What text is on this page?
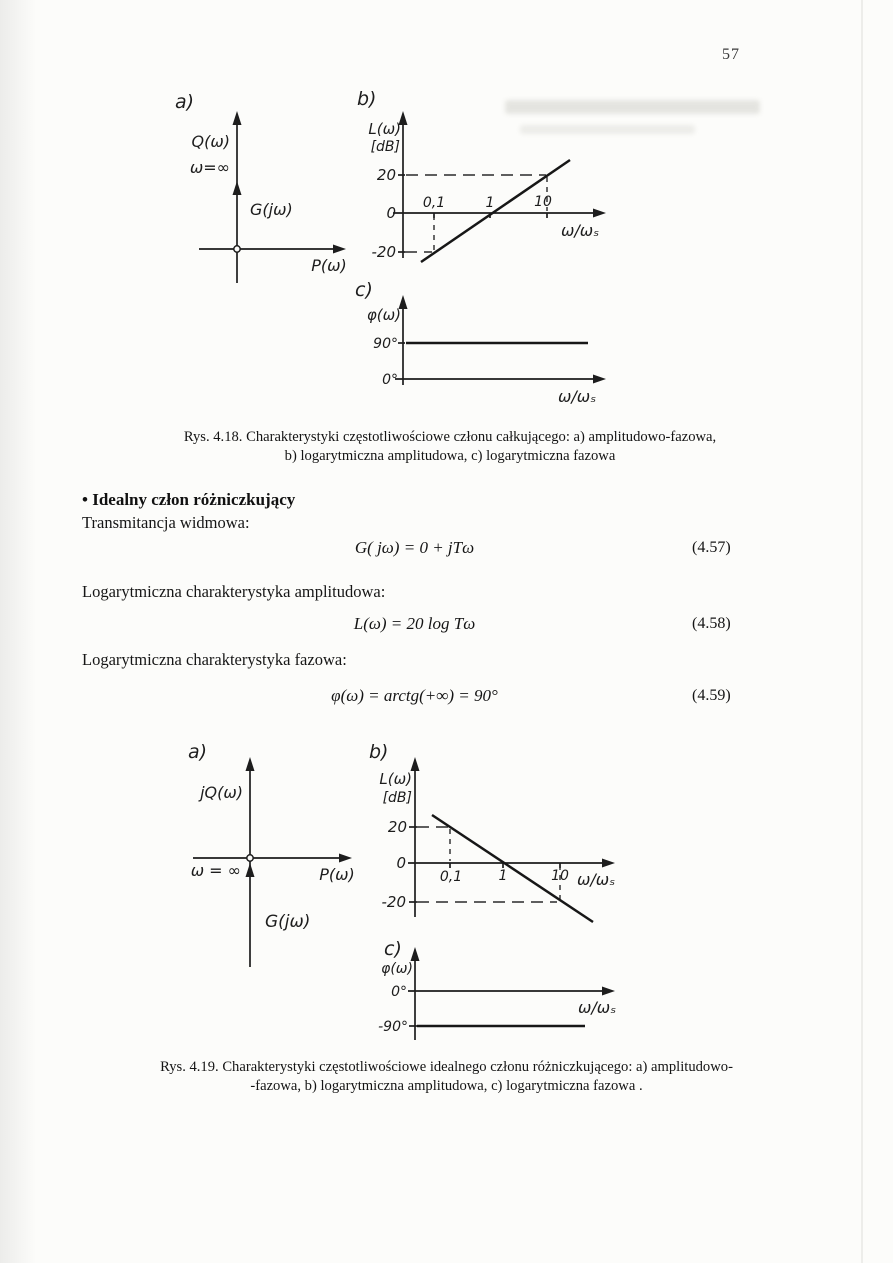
57
a)
Q(ω)
ω=∞
G(jω)
P(ω)
b)
L(ω)
[dB]
20
0
-20
0,1	1	10
ω/ωₛ
c)
φ(ω)
90°
0°
ω/ωₛ
Rys. 4.18. Charakterystyki częstotliwościowe członu całkującego: a) amplitudowo-fazowa,
b) logarytmiczna amplitudowa, c) logarytmiczna fazowa
• Idealny człon różniczkujący
Transmitancja widmowa:
G( jω) = 0 + jTω	(4.57)
Logarytmiczna charakterystyka amplitudowa:
L(ω) = 20 log Tω	(4.58)
Logarytmiczna charakterystyka fazowa:
φ(ω) = arctg(+∞) = 90°	(4.59)
a)
jQ(ω)
ω = ∞	P(ω)
G(jω)
b)
L(ω)
[dB]
20
0
-20
0,1	1	10 ω/ωₛ
c)
φ(ω)
0°
-90°
ω/ωₛ
Rys. 4.19. Charakterystyki częstotliwościowe idealnego członu różniczkującego: a) amplitudowo-
-fazowa, b) logarytmiczna amplitudowa, c) logarytmiczna fazowa .
